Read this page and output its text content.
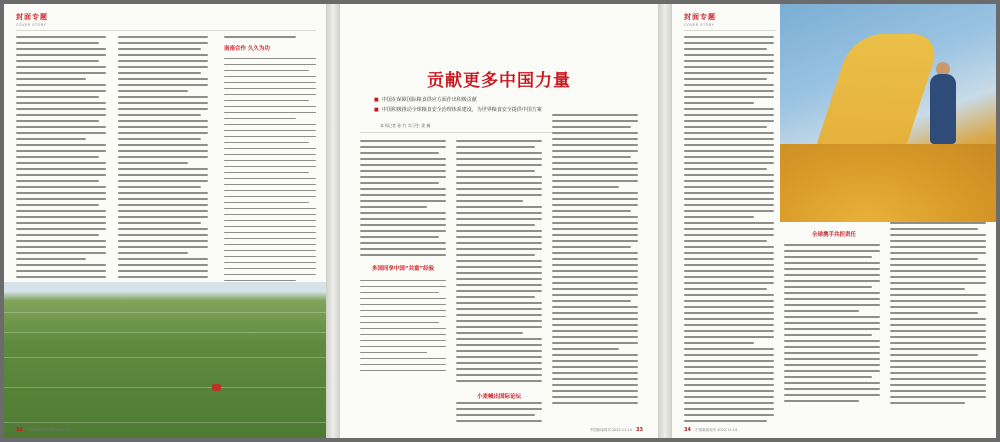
封面专题
COVER STORY
南南合作 久久为功
32 中国新闻周刊 2022.11.14
贡献更多中国力量
■ 中国在保障国际粮食供应方面作出积极贡献
■ 中国积极推动全球粮食安全治理体系建设，为世界粮食安全提供中国方案
本刊记者 孙 红 实习生 姜 楠
多国同享中国“共富”经验
小麦喊出国际论坛
中国新闻周刊 2022.11.14 33
封面专题
COVER STORY
全球携手共担责任
34 中国新闻周刊 2022.11.14
